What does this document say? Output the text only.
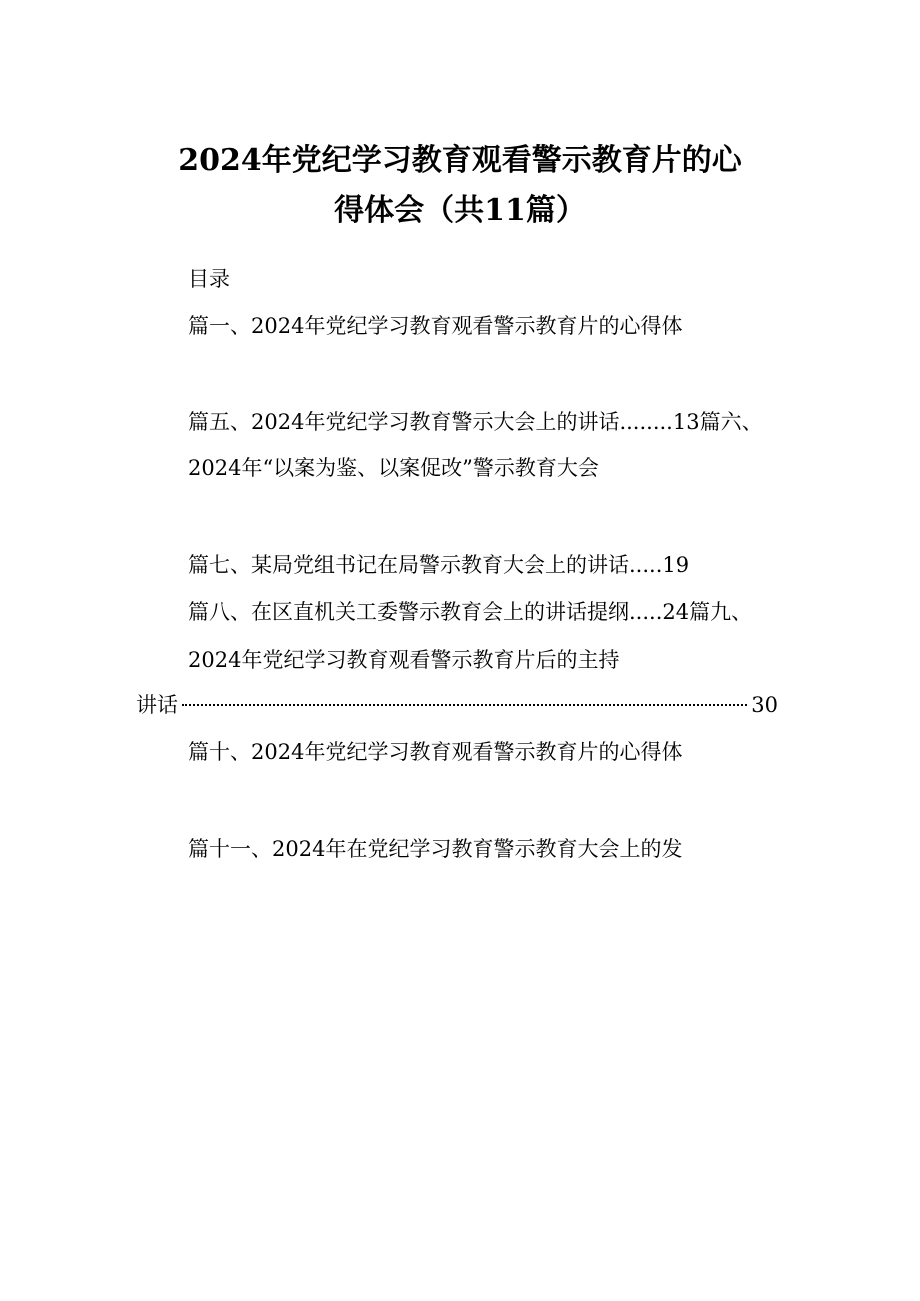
2024年党纪学习教育观看警示教育片的心
得体会（共11篇）
目录
篇一、2024年党纪学习教育观看警示教育片的心得体
篇五、2024年党纪学习教育警示大会上的讲话........13篇六、
2024年“以案为鉴、以案促改”警示教育大会
篇七、某局党组书记在局警示教育大会上的讲话.....19
篇八、在区直机关工委警示教育会上的讲话提纲.....24篇九、
2024年党纪学习教育观看警示教育片后的主持
讲话	30
篇十、2024年党纪学习教育观看警示教育片的心得体
篇十一、2024年在党纪学习教育警示教育大会上的发
